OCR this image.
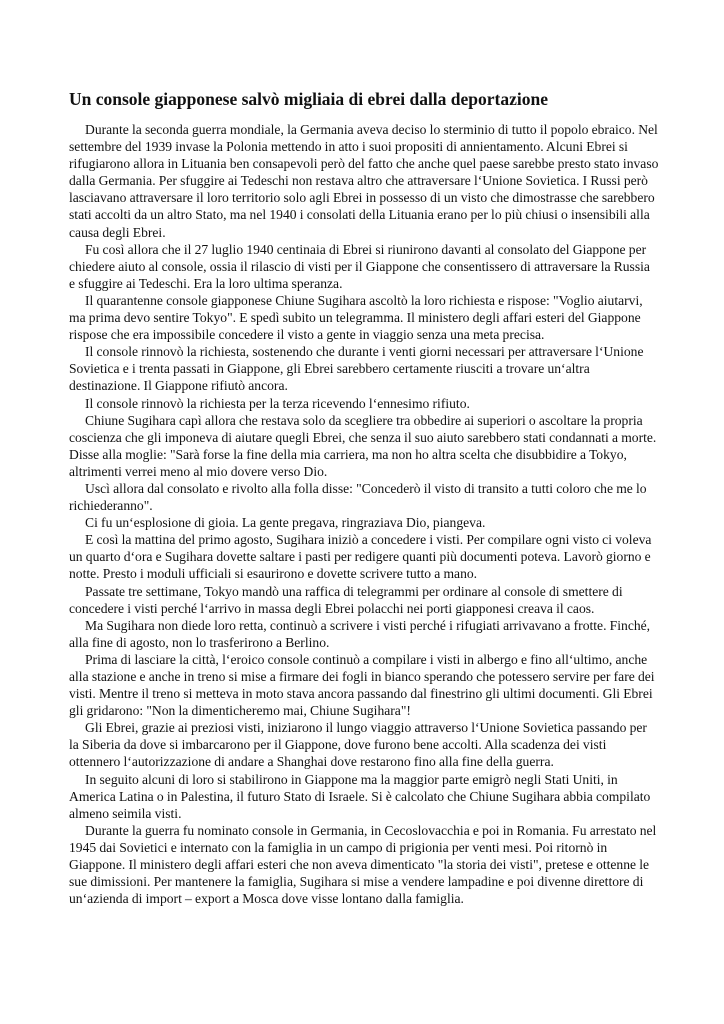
Un console giapponese salvò migliaia di ebrei dalla deportazione

Durante la seconda guerra mondiale, la Germania aveva deciso lo sterminio di tutto il popolo ebraico. Nel settembre del 1939 invase la Polonia mettendo in atto i suoi propositi di annientamento. Alcuni Ebrei si rifugiarono allora in Lituania ben consapevoli però del fatto che anche quel paese sarebbe presto stato invaso dalla Germania. Per sfuggire ai Tedeschi non restava altro che attraversare l‘Unione Sovietica. I Russi però lasciavano attraversare il loro territorio solo agli Ebrei in possesso di un visto che dimostrasse che sarebbero stati accolti da un altro Stato, ma nel 1940 i consolati della Lituania erano per lo più chiusi o insensibili alla causa degli Ebrei.

Fu così allora che il 27 luglio 1940 centinaia di Ebrei si riunirono davanti al consolato del Giappone per chiedere aiuto al console, ossia il rilascio di visti per il Giappone che consentissero di attraversare la Russia e sfuggire ai Tedeschi. Era la loro ultima speranza.

Il quarantenne console giapponese Chiune Sugihara ascoltò la loro richiesta e rispose: "Voglio aiutarvi, ma prima devo sentire Tokyo". E spedì subito un telegramma. Il ministero degli affari esteri del Giappone rispose che era impossibile concedere il visto a gente in viaggio senza una meta precisa.

Il console rinnovò la richiesta, sostenendo che durante i venti giorni necessari per attraversare l‘Unione Sovietica e i trenta passati in Giappone, gli Ebrei sarebbero certamente riusciti a trovare un‘altra destinazione. Il Giappone rifiutò ancora.

Il console rinnovò la richiesta per la terza ricevendo l‘ennesimo rifiuto.

Chiune Sugihara capì allora che restava solo da scegliere tra obbedire ai superiori o ascoltare la propria coscienza che gli imponeva di aiutare quegli Ebrei, che senza il suo aiuto sarebbero stati condannati a morte. Disse alla moglie: "Sarà forse la fine della mia carriera, ma non ho altra scelta che disubbidire a Tokyo, altrimenti verrei meno al mio dovere verso Dio.

Uscì allora dal consolato e rivolto alla folla disse: "Concederò il visto di transito a tutti coloro che me lo richiederanno".

Ci fu un‘esplosione di gioia. La gente pregava, ringraziava Dio, piangeva.

E così la mattina del primo agosto, Sugihara iniziò a concedere i visti. Per compilare ogni visto ci voleva un quarto d‘ora e Sugihara dovette saltare i pasti per redigere quanti più documenti poteva. Lavorò giorno e notte. Presto i moduli ufficiali si esaurirono e dovette scrivere tutto a mano.

Passate tre settimane, Tokyo mandò una raffica di telegrammi per ordinare al console di smettere di concedere i visti perché l‘arrivo in massa degli Ebrei polacchi nei porti giapponesi creava il caos.

Ma Sugihara non diede loro retta, continuò a scrivere i visti perché i rifugiati arrivavano a frotte. Finché, alla fine di agosto, non lo trasferirono a Berlino.

Prima di lasciare la città, l‘eroico console continuò a compilare i visti in albergo e fino all‘ultimo, anche alla stazione e anche in treno si mise a firmare dei fogli in bianco sperando che potessero servire per fare dei visti. Mentre il treno si metteva in moto stava ancora passando dal finestrino gli ultimi documenti. Gli Ebrei gli gridarono: "Non la dimenticheremo mai, Chiune Sugihara"!

Gli Ebrei, grazie ai preziosi visti, iniziarono il lungo viaggio attraverso l‘Unione Sovietica passando per la Siberia da dove si imbarcarono per il Giappone, dove furono bene accolti. Alla scadenza dei visti ottennero l‘autorizzazione di andare a Shanghai dove restarono fino alla fine della guerra.

In seguito alcuni di loro si stabilirono in Giappone ma la maggior parte emigrò negli Stati Uniti, in America Latina o in Palestina, il futuro Stato di Israele. Si è calcolato che Chiune Sugihara abbia compilato almeno seimila visti.

Durante la guerra fu nominato console in Germania, in Cecoslovacchia e poi in Romania. Fu arrestato nel 1945 dai Sovietici e internato con la famiglia in un campo di prigionia per venti mesi. Poi ritornò in Giappone. Il ministero degli affari esteri che non aveva dimenticato "la storia dei visti", pretese e ottenne le sue dimissioni. Per mantenere la famiglia, Sugihara si mise a vendere lampadine e poi divenne direttore di un‘azienda di import – export a Mosca dove visse lontano dalla famiglia.
